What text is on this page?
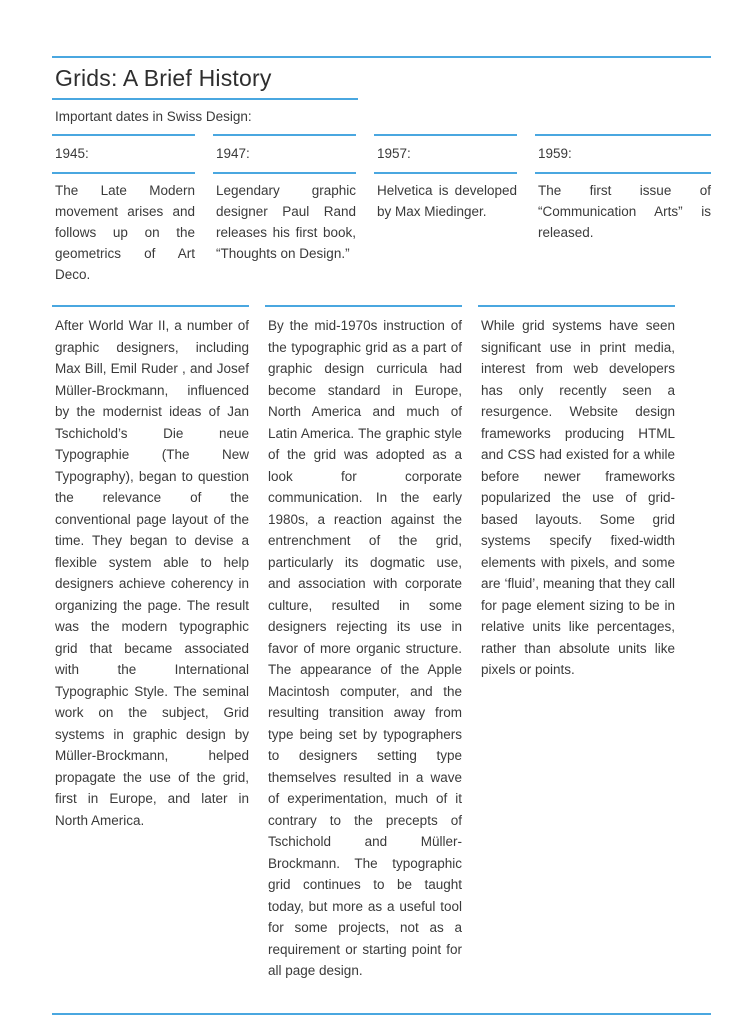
Grids: A Brief History
Important dates in Swiss Design:
1945:

The Late Modern movement arises and follows up on the geometrics of Art Deco.

1947:

Legendary graphic designer Paul Rand releases his first book, “Thoughts on Design.”

1957:

Helvetica is developed by Max Miedinger.

1959:

The first issue of “Communication Arts” is released.

After World War II, a number of graphic designers, including Max Bill, Emil Ruder , and Josef Müller-Brockmann, influenced by the modernist ideas of Jan Tschichold’s Die neue Typographie (The New Typography), began to question the relevance of the conventional page layout of the time. They began to devise a flexible system able to help designers achieve coherency in organizing the page. The result was the modern typographic grid that became associated with the International Typographic Style. The seminal work on the subject, Grid systems in graphic design by Müller-Brockmann, helped propagate the use of the grid, first in Europe, and later in North America.

By the mid-1970s instruction of the typographic grid as a part of graphic design curricula had become standard in Europe, North America and much of Latin America. The graphic style of the grid was adopted as a look for corporate communication. In the early 1980s, a reaction against the entrenchment of the grid, particularly its dogmatic use, and association with corporate culture, resulted in some designers rejecting its use in favor of more organic structure. The appearance of the Apple Macintosh computer, and the resulting transition away from type being set by typographers to designers setting type themselves resulted in a wave of experimentation, much of it contrary to the precepts of Tschichold and Müller-Brockmann. The typographic grid continues to be taught today, but more as a useful tool for some projects, not as a requirement or starting point for all page design.

While grid systems have seen significant use in print media, interest from web developers has only recently seen a resurgence. Website design frameworks producing HTML and CSS had existed for a while before newer frameworks popularized the use of grid-based layouts. Some grid systems specify fixed-width elements with pixels, and some are ‘fluid’, meaning that they call for page element sizing to be in relative units like percentages, rather than absolute units like pixels or points.
